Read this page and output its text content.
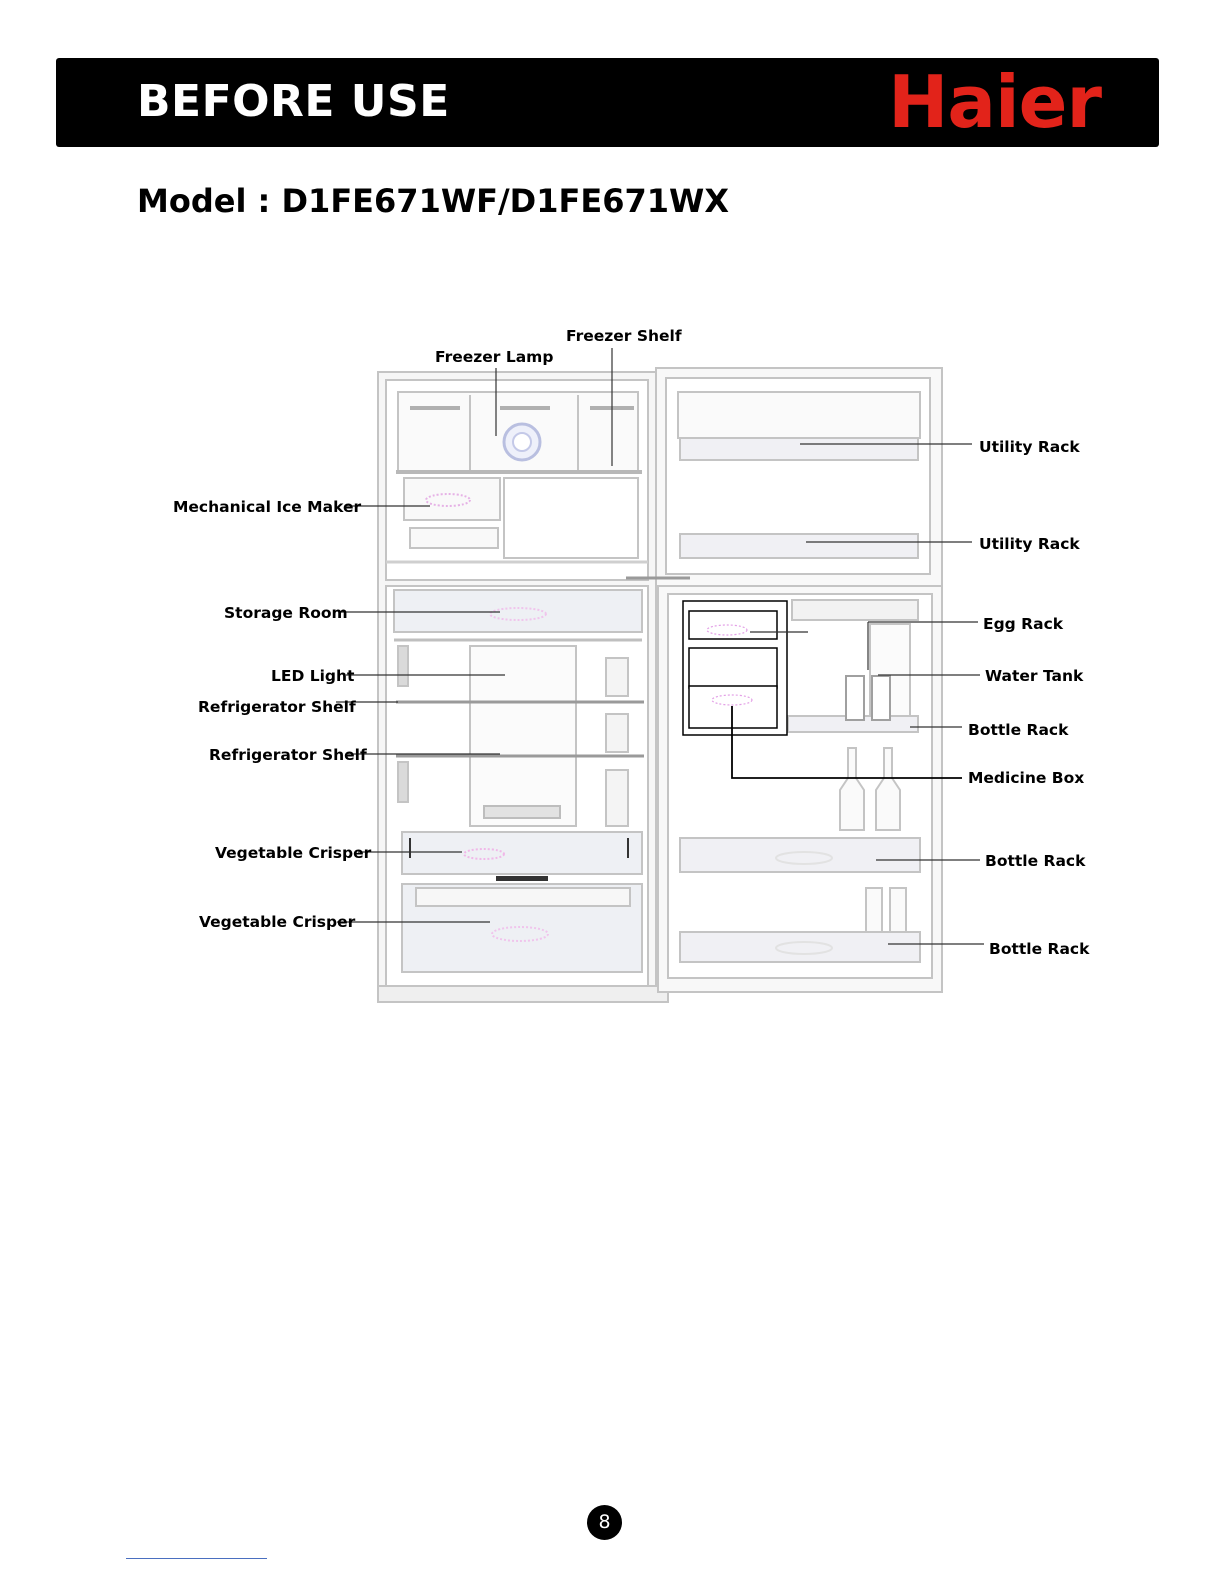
BEFORE USE	Haier
Model : D1FE671WF/D1FE671WX
Freezer Shelf
Freezer Lamp
Mechanical Ice Maker
Storage Room
LED Light
Refrigerator Shelf
Refrigerator Shelf
Vegetable Crisper
Vegetable Crisper
Utility Rack
Utility Rack
Egg Rack
Water Tank
Bottle Rack
Medicine Box
Bottle Rack
Bottle Rack
8
